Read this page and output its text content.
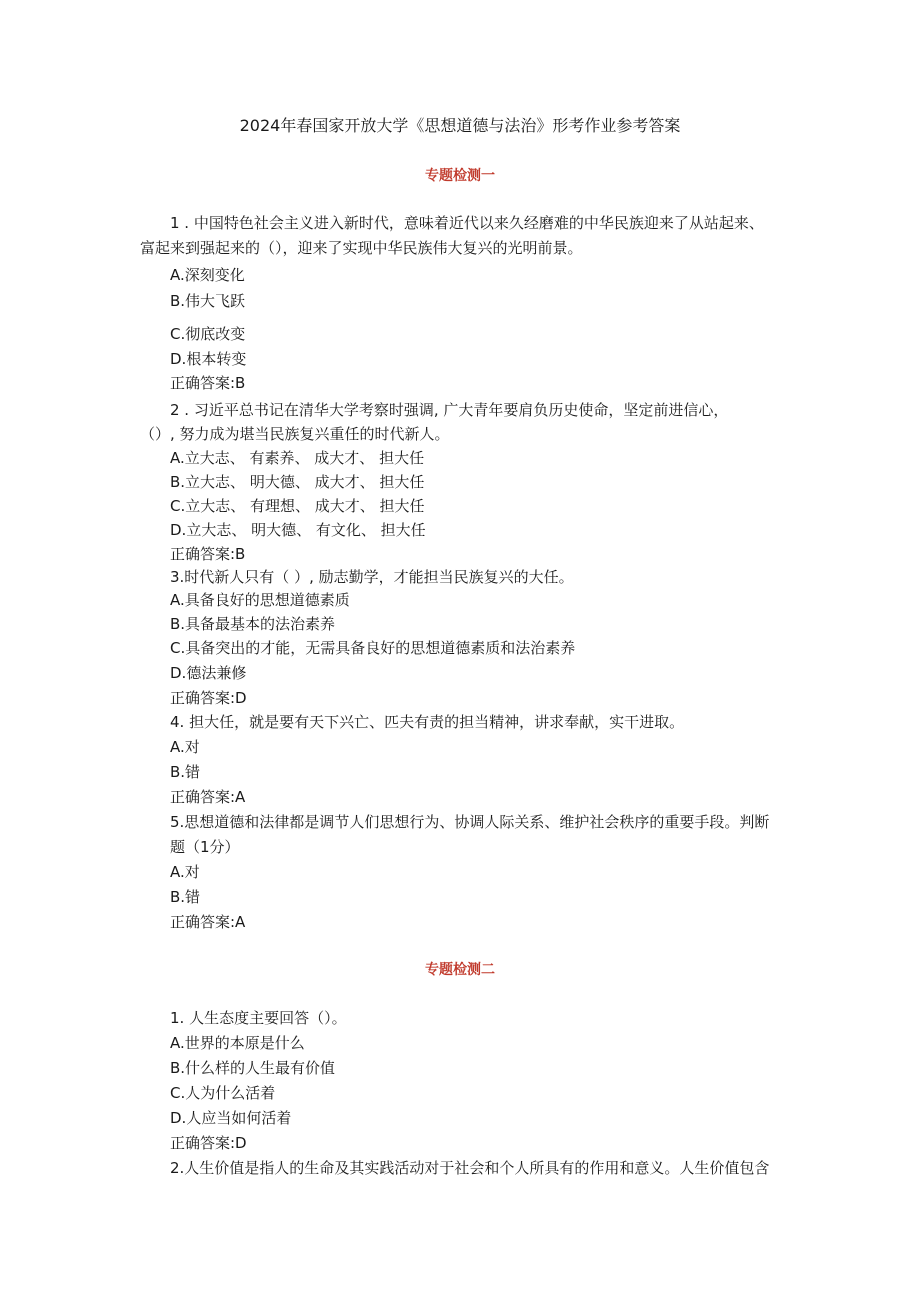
2024年春国家开放大学《思想道德与法治》形考作业参考答案
专题检测一
1 . 中国特色社会主义进入新时代，意味着近代以来久经磨难的中华民族迎来了从站起来、
富起来到强起来的（），迎来了实现中华民族伟大复兴的光明前景。
A.深刻变化
B.伟大飞跃
C.彻底改变
D.根本转变
正确答案:B
2 . 习近平总书记在清华大学考察时强调, 广大青年要肩负历史使命，坚定前进信心，
（）, 努力成为堪当民族复兴重任的时代新人。
A.立大志、 有素养、 成大才、 担大任
B.立大志、 明大德、 成大才、 担大任
C.立大志、 有理想、 成大才、 担大任
D.立大志、 明大德、 有文化、 担大任
正确答案:B
3.时代新人只有（ ）, 励志勤学，才能担当民族复兴的大任。
A.具备良好的思想道德素质
B.具备最基本的法治素养
C.具备突出的才能，无需具备良好的思想道德素质和法治素养
D.德法兼修
正确答案:D
4. 担大任，就是要有天下兴亡、匹夫有责的担当精神，讲求奉献，实干进取。
A.对
B.错
正确答案:A
5.思想道德和法律都是调节人们思想行为、协调人际关系、维护社会秩序的重要手段。判断
题（1分）
A.对
B.错
正确答案:A
专题检测二
1. 人生态度主要回答（）。
A.世界的本原是什么
B.什么样的人生最有价值
C.人为什么活着
D.人应当如何活着
正确答案:D
2.人生价值是指人的生命及其实践活动对于社会和个人所具有的作用和意义。人生价值包含
